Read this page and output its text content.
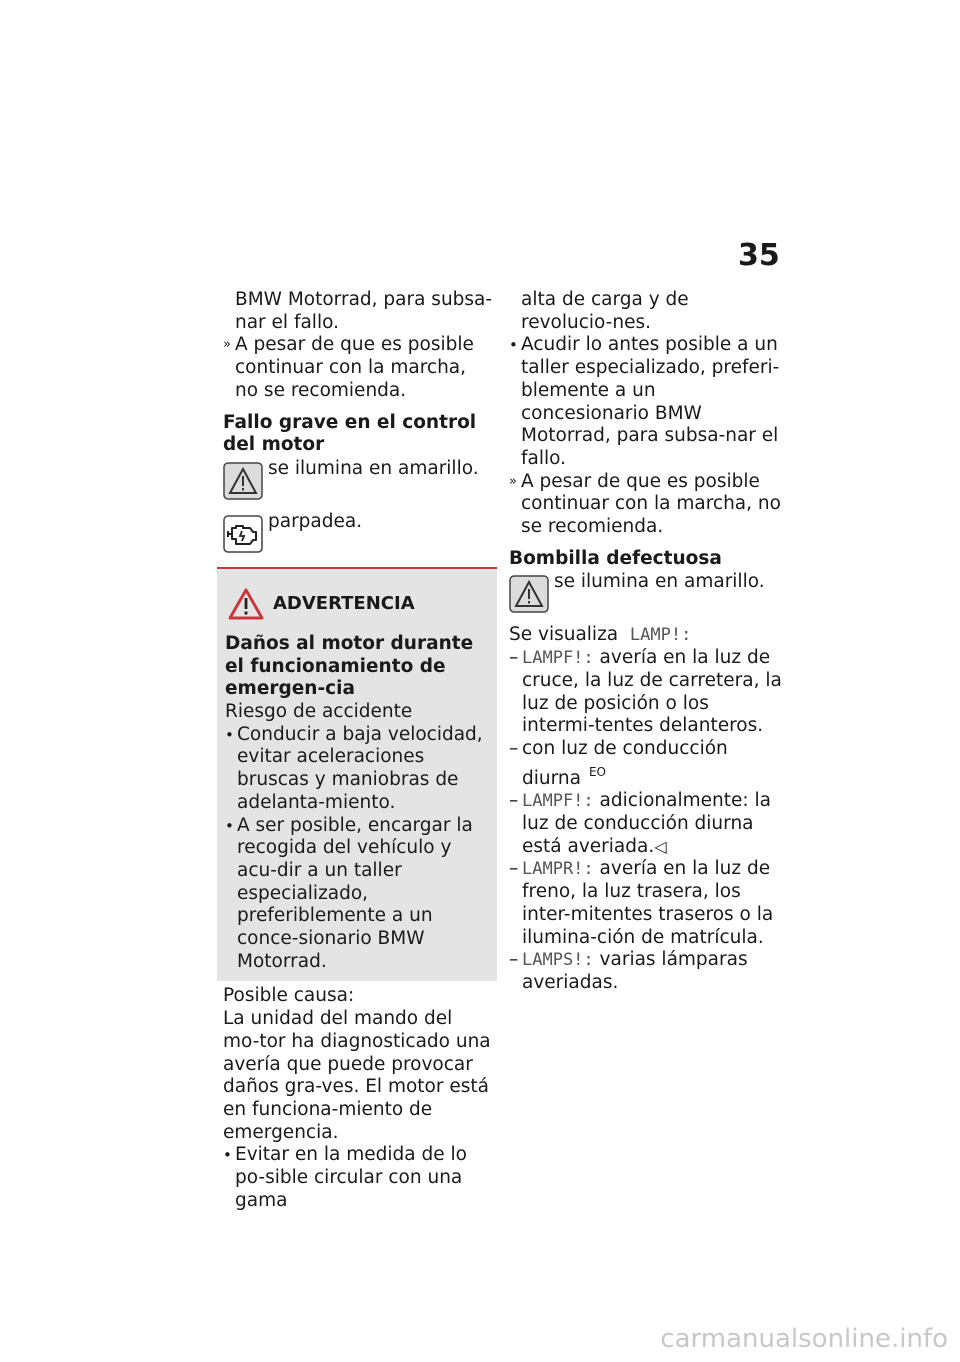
35

BMW Motorrad, para subsa-nar el fallo.

» A pesar de que es posible continuar con la marcha, no se recomienda.

Fallo grave en el control del motor

se ilumina en amarillo.
parpadea.
ADVERTENCIA

Daños al motor durante el funcionamiento de emergen-cia

Riesgo de accidente

• Conducir a baja velocidad, evitar aceleraciones bruscas y maniobras de adelanta-miento.

• A ser posible, encargar la recogida del vehículo y acu-dir a un taller especializado, preferiblemente a un conce-sionario BMW Motorrad.

Posible causa:

La unidad del mando del mo-tor ha diagnosticado una avería que puede provocar daños gra-ves. El motor está en funciona-miento de emergencia.

• Evitar en la medida de lo po-sible circular con una gama

alta de carga y de revolucio-nes.

• Acudir lo antes posible a un taller especializado, preferi-blemente a un concesionario BMW Motorrad, para subsa-nar el fallo.

» A pesar de que es posible continuar con la marcha, no se recomienda.

Bombilla defectuosa

se ilumina en amarillo.

Se visualiza LAMP!:

– LAMPF!: avería en la luz de cruce, la luz de carretera, la luz de posición o los intermi-tentes delanteros.

– con luz de conducción diurna $^{EO}$

– LAMPF!: adicionalmente: la luz de conducción diurna está averiada.◁

– LAMPR!: avería en la luz de freno, la luz trasera, los inter-mitentes traseros o la ilumina-ción de matrícula.

– LAMPS!: varias lámparas averiadas.

carmanualsonline.info
